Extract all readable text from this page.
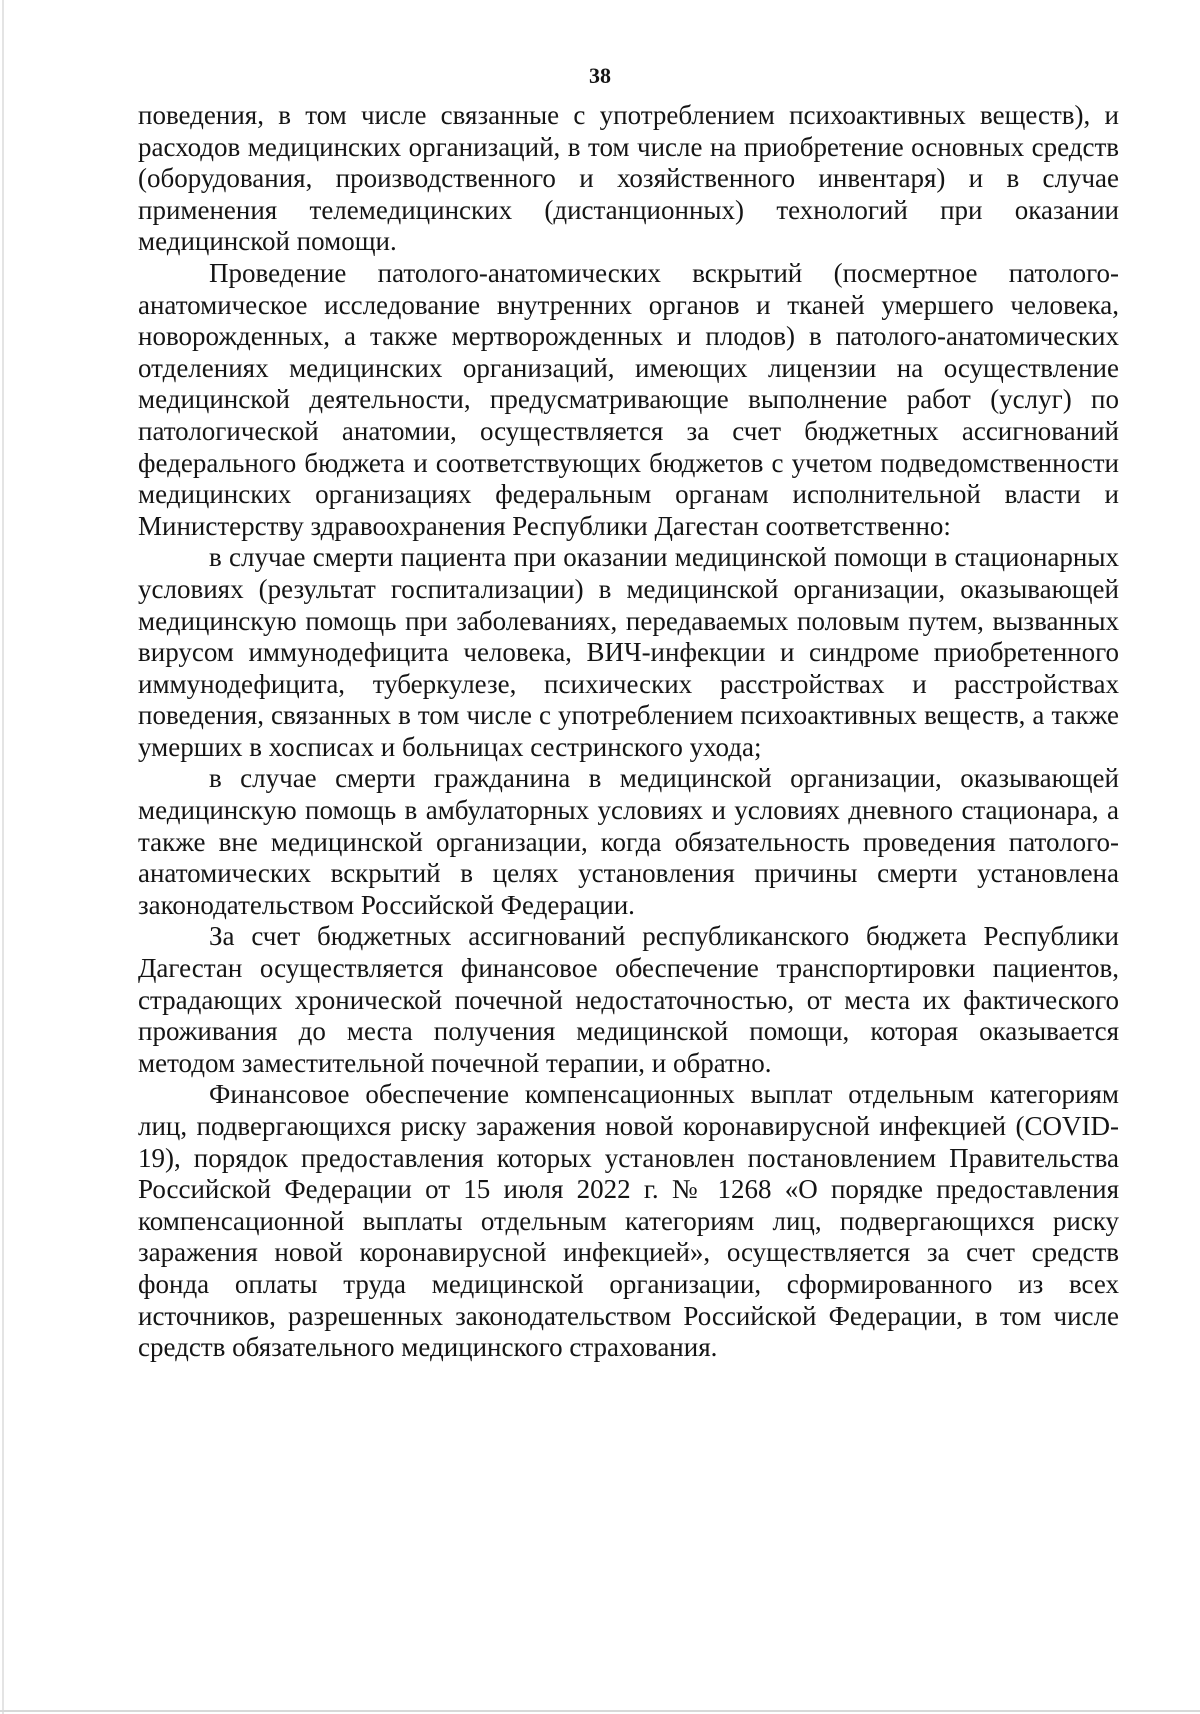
38

поведения, в том числе связанные с употреблением психоактивных веществ), и расходов медицинских организаций, в том числе на приобретение основных средств (оборудования, производственного и хозяйственного инвентаря) и в случае применения телемедицинских (дистанционных) технологий при оказании медицинской помощи.

Проведение патолого-анатомических вскрытий (посмертное патолого-анатомическое исследование внутренних органов и тканей умершего человека, новорожденных, а также мертворожденных и плодов) в патолого-анатомических отделениях медицинских организаций, имеющих лицензии на осуществление медицинской деятельности, предусматривающие выполнение работ (услуг) по патологической анатомии, осуществляется за счет бюджетных ассигнований федерального бюджета и соответствующих бюджетов с учетом подведомственности медицинских организациях федеральным органам исполнительной власти и Министерству здравоохранения Республики Дагестан соответственно:

в случае смерти пациента при оказании медицинской помощи в стационарных условиях (результат госпитализации) в медицинской организации, оказывающей медицинскую помощь при заболеваниях, передаваемых половым путем, вызванных вирусом иммунодефицита человека, ВИЧ-инфекции и синдроме приобретенного иммунодефицита, туберкулезе, психических расстройствах и расстройствах поведения, связанных в том числе с употреблением психоактивных веществ, а также умерших в хосписах и больницах сестринского ухода;

в случае смерти гражданина в медицинской организации, оказывающей медицинскую помощь в амбулаторных условиях и условиях дневного стационара, а также вне медицинской организации, когда обязательность проведения патолого-анатомических вскрытий в целях установления причины смерти установлена законодательством Российской Федерации.

За счет бюджетных ассигнований республиканского бюджета Республики Дагестан осуществляется финансовое обеспечение транспортировки пациентов, страдающих хронической почечной недостаточностью, от места их фактического проживания до места получения медицинской помощи, которая оказывается методом заместительной почечной терапии, и обратно.

Финансовое обеспечение компенсационных выплат отдельным категориям лиц, подвергающихся риску заражения новой коронавирусной инфекцией (COVID-19), порядок предоставления которых установлен постановлением Правительства Российской Федерации от 15 июля 2022 г. № 1268 «О порядке предоставления компенсационной выплаты отдельным категориям лиц, подвергающихся риску заражения новой коронавирусной инфекцией», осуществляется за счет средств фонда оплаты труда медицинской организации, сформированного из всех источников, разрешенных законодательством Российской Федерации, в том числе средств обязательного медицинского страхования.
